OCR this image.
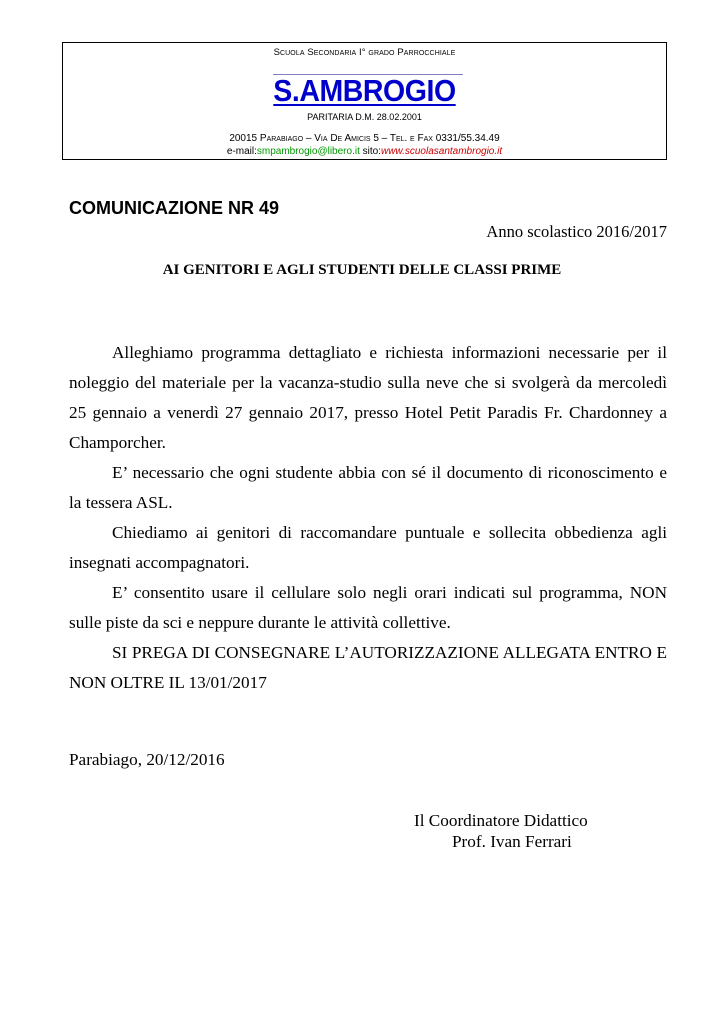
Scuola Secondaria I° grado Parrocchiale
S.AMBROGIO
PARITARIA D.M. 28.02.2001
20015 Parabiago – Via De Amicis 5 – Tel. e Fax 0331/55.34.49
e-mail:smpambrogio@libero.it sito:www.scuolasantambrogio.it
COMUNICAZIONE NR 49
Anno scolastico 2016/2017
AI GENITORI E AGLI STUDENTI DELLE CLASSI PRIME

Alleghiamo programma dettagliato e richiesta informazioni necessarie per il noleggio del materiale per la vacanza-studio sulla neve che si svolgerà da mercoledì 25 gennaio a venerdì 27 gennaio 2017, presso Hotel Petit Paradis Fr. Chardonney a Champorcher.

E’ necessario che ogni studente abbia con sé il documento di riconoscimento e la tessera ASL.

Chiediamo ai genitori di raccomandare puntuale e sollecita obbedienza agli insegnati accompagnatori.

E’ consentito usare il cellulare solo negli orari indicati sul programma, NON sulle piste da sci e neppure durante le attività collettive.

SI PREGA DI CONSEGNARE L’AUTORIZZAZIONE ALLEGATA ENTRO E NON OLTRE IL 13/01/2017

Parabiago, 20/12/2016
Il Coordinatore Didattico
Prof. Ivan Ferrari
